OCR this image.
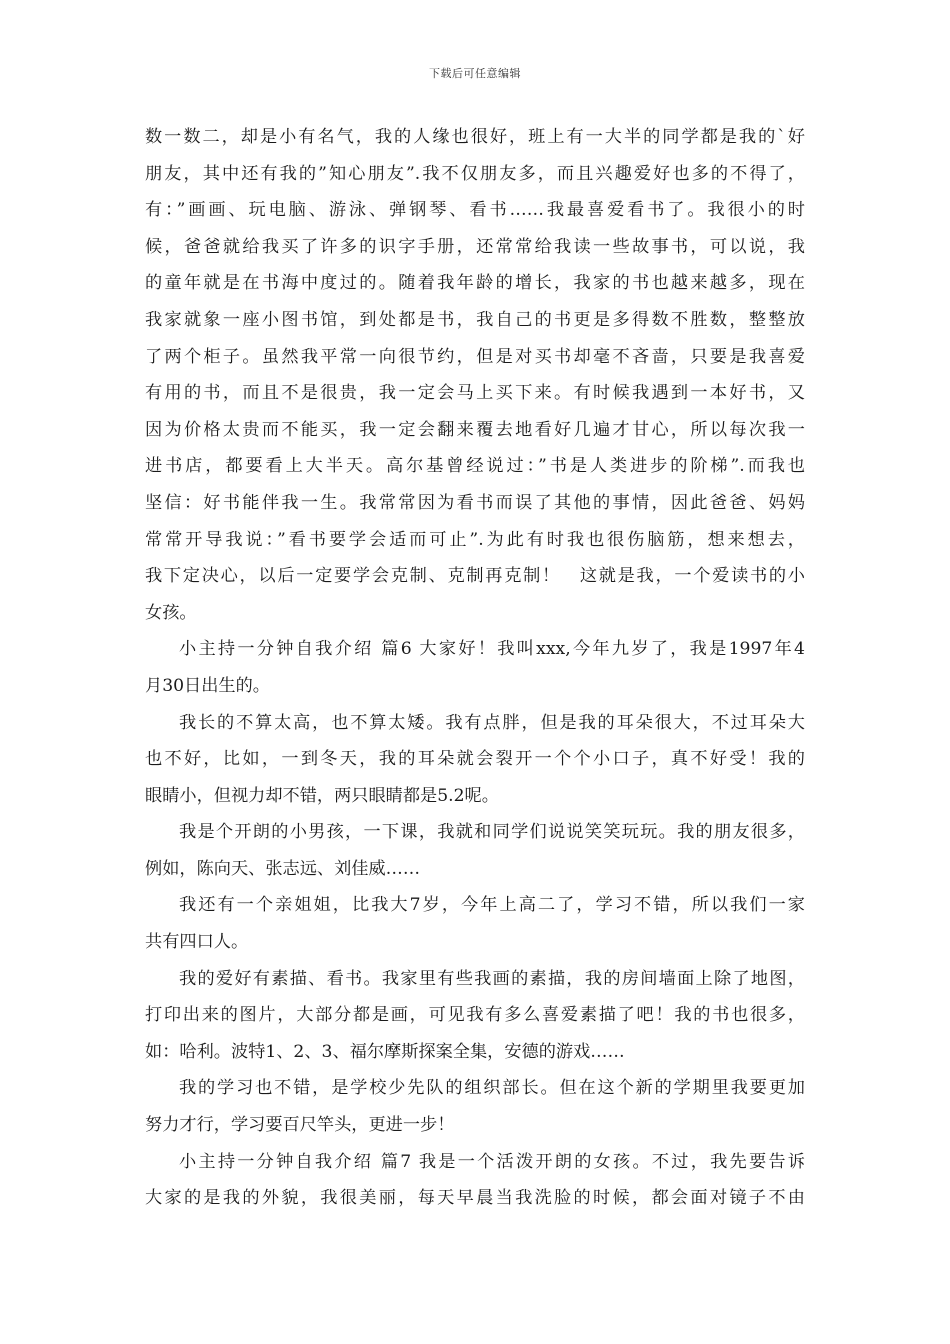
下载后可任意编辑
数一数二，却是小有名气，我的人缘也很好，班上有一大半的同学都是我的`好
朋友，其中还有我的”知心朋友”.我不仅朋友多，而且兴趣爱好也多的不得了，
有：”画画、玩电脑、游泳、弹钢琴、看书……我最喜爱看书了。我很小的时
候，爸爸就给我买了许多的识字手册，还常常给我读一些故事书，可以说，我
的童年就是在书海中度过的。随着我年龄的增长，我家的书也越来越多，现在
我家就象一座小图书馆，到处都是书，我自己的书更是多得数不胜数，整整放
了两个柜子。虽然我平常一向很节约，但是对买书却毫不吝啬，只要是我喜爱
有用的书，而且不是很贵，我一定会马上买下来。有时候我遇到一本好书，又
因为价格太贵而不能买，我一定会翻来覆去地看好几遍才甘心，所以每次我一
进书店，都要看上大半天。高尔基曾经说过：”书是人类进步的阶梯”.而我也
坚信：好书能伴我一生。我常常因为看书而误了其他的事情，因此爸爸、妈妈
常常开导我说：”看书要学会适而可止”.为此有时我也很伤脑筋，想来想去，
我下定决心，以后一定要学会克制、克制再克制！　这就是我，一个爱读书的小
女孩。
小主持一分钟自我介绍 篇6 大家好！我叫xxx,今年九岁了，我是1997年4
月30日出生的。
我长的不算太高，也不算太矮。我有点胖，但是我的耳朵很大，不过耳朵大
也不好，比如，一到冬天，我的耳朵就会裂开一个个小口子，真不好受！我的
眼睛小，但视力却不错，两只眼睛都是5.2呢。
我是个开朗的小男孩，一下课，我就和同学们说说笑笑玩玩。我的朋友很多，
例如，陈向天、张志远、刘佳威……
我还有一个亲姐姐，比我大7岁，今年上高二了，学习不错，所以我们一家
共有四口人。
我的爱好有素描、看书。我家里有些我画的素描，我的房间墙面上除了地图，
打印出来的图片，大部分都是画，可见我有多么喜爱素描了吧！我的书也很多，
如：哈利。波特1、2、3、福尔摩斯探案全集，安德的游戏……
我的学习也不错，是学校少先队的组织部长。但在这个新的学期里我要更加
努力才行，学习要百尺竿头，更进一步！
小主持一分钟自我介绍 篇7 我是一个活泼开朗的女孩。不过，我先要告诉
大家的是我的外貌，我很美丽，每天早晨当我洗脸的时候，都会面对镜子不由
